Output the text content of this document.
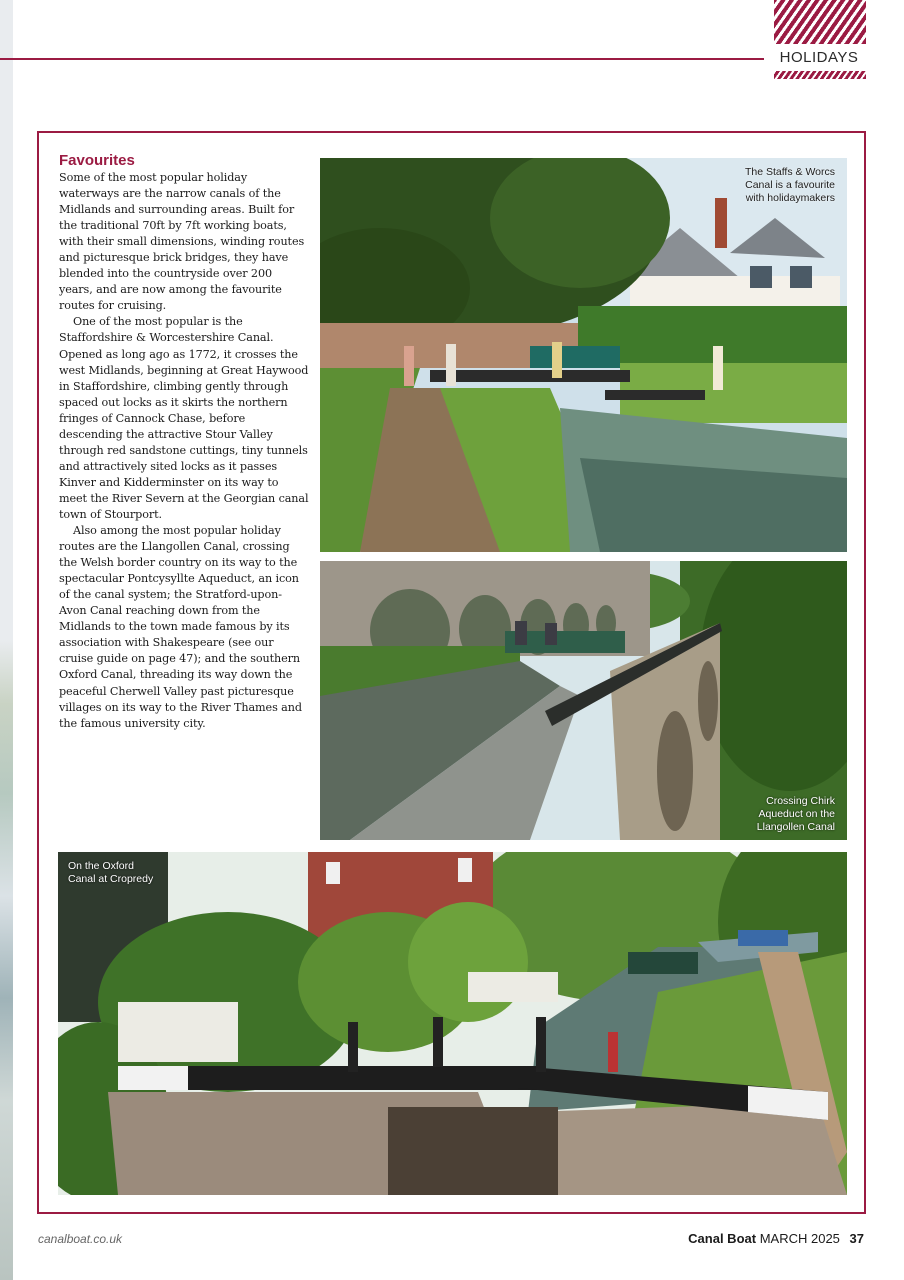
HOLIDAYS
Favourites

Some of the most popular holiday waterways are the narrow canals of the Midlands and surrounding areas. Built for the traditional 70ft by 7ft working boats, with their small dimensions, winding routes and picturesque brick bridges, they have blended into the countryside over 200 years, and are now among the favourite routes for cruising.

One of the most popular is the Staffordshire & Worcestershire Canal. Opened as long ago as 1772, it crosses the west Midlands, beginning at Great Haywood in Staffordshire, climbing gently through spaced out locks as it skirts the northern fringes of Cannock Chase, before descending the attractive Stour Valley through red sandstone cuttings, tiny tunnels and attractively sited locks as it passes Kinver and Kidderminster on its way to meet the River Severn at the Georgian canal town of Stourport.

Also among the most popular holiday routes are the Llangollen Canal, crossing the Welsh border country on its way to the spectacular Pontcysyllte Aqueduct, an icon of the canal system; the Stratford-upon-Avon Canal reaching down from the Midlands to the town made famous by its association with Shakespeare (see our cruise guide on page 47); and the southern Oxford Canal, threading its way down the peaceful Cherwell Valley past picturesque villages on its way to the River Thames and the famous university city.

The Staffs & Worcs
Canal is a favourite
with holidaymakers
Crossing Chirk
Aqueduct on the
Llangollen Canal
On the Oxford
Canal at Cropredy
canalboat.co.uk	Canal Boat MARCH 2025 37
